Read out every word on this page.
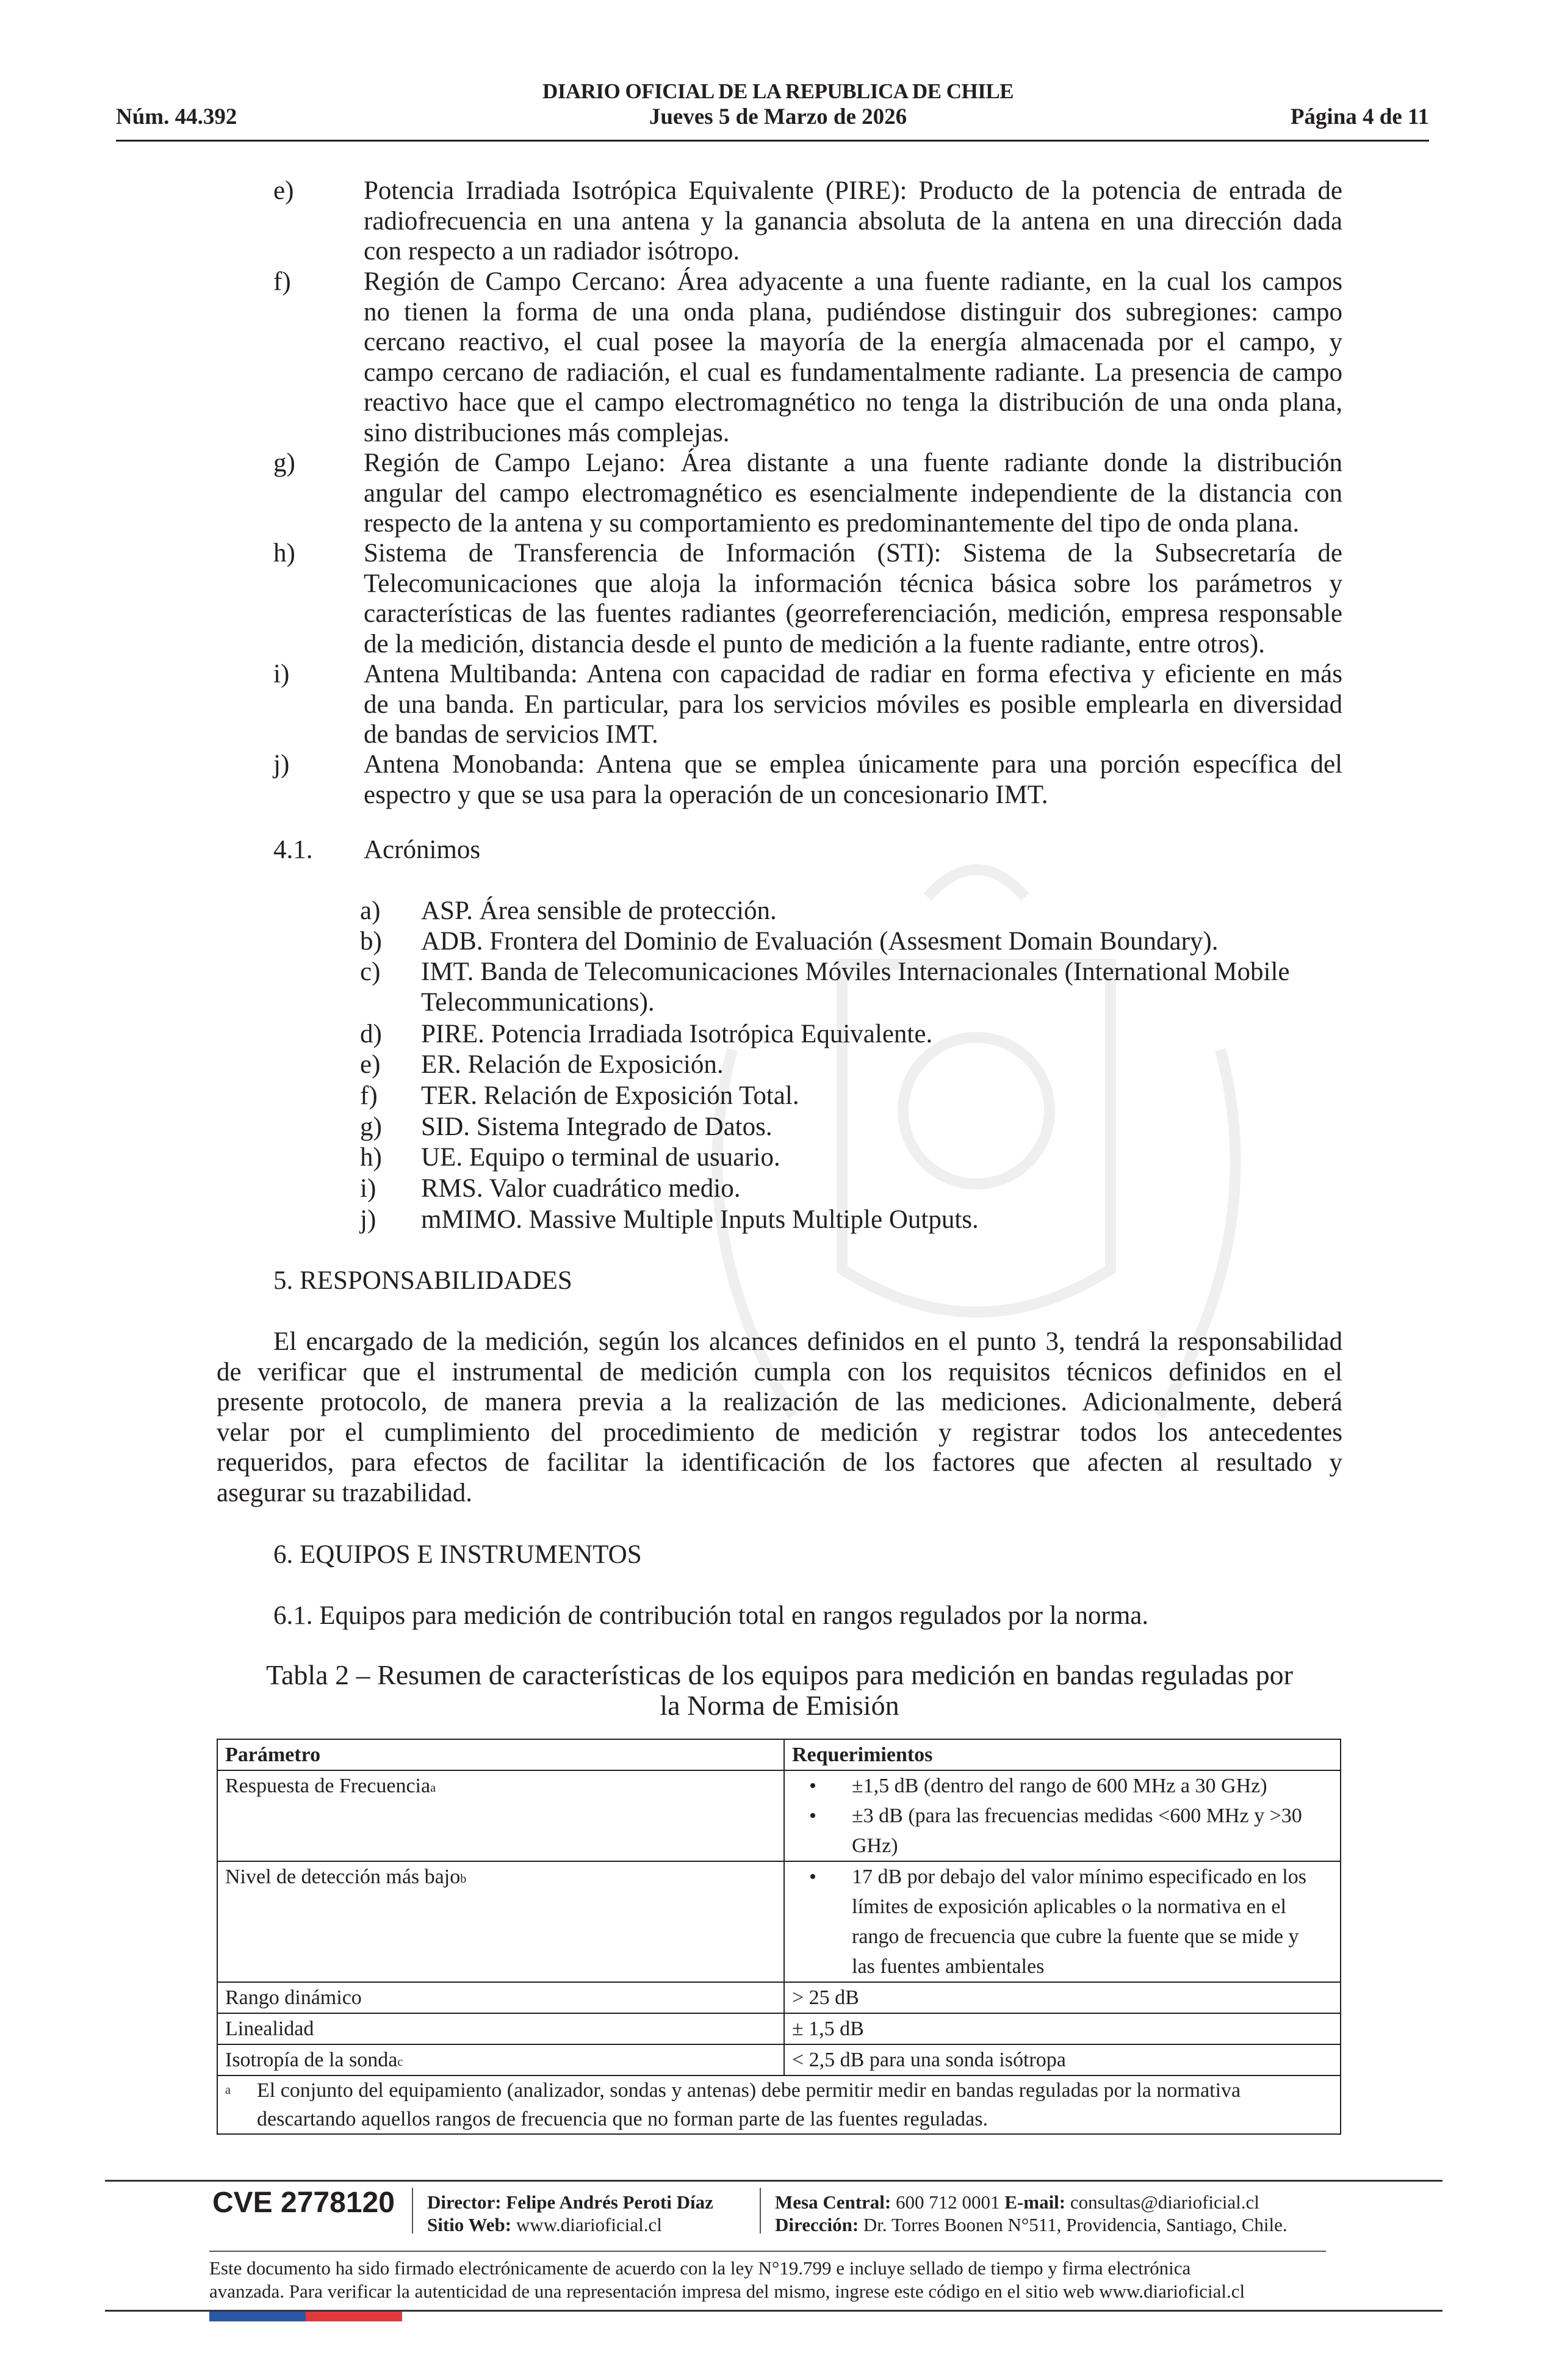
DIARIO OFICIAL DE LA REPUBLICA DE CHILE
Jueves 5 de Marzo de 2026
Núm. 44.392	Página 4 de 11
e)	Potencia Irradiada Isotrópica Equivalente (PIRE): Producto de la potencia de entrada de
radiofrecuencia en una antena y la ganancia absoluta de la antena en una dirección dada
con respecto a un radiador isótropo.
f)	Región de Campo Cercano: Área adyacente a una fuente radiante, en la cual los campos
no tienen la forma de una onda plana, pudiéndose distinguir dos subregiones: campo
cercano reactivo, el cual posee la mayoría de la energía almacenada por el campo, y
campo cercano de radiación, el cual es fundamentalmente radiante. La presencia de campo
reactivo hace que el campo electromagnético no tenga la distribución de una onda plana,
sino distribuciones más complejas.
g)	Región de Campo Lejano: Área distante a una fuente radiante donde la distribución
angular del campo electromagnético es esencialmente independiente de la distancia con
respecto de la antena y su comportamiento es predominantemente del tipo de onda plana.
h)	Sistema de Transferencia de Información (STI): Sistema de la Subsecretaría de
Telecomunicaciones que aloja la información técnica básica sobre los parámetros y
características de las fuentes radiantes (georreferenciación, medición, empresa responsable
de la medición, distancia desde el punto de medición a la fuente radiante, entre otros).
i)	Antena Multibanda: Antena con capacidad de radiar en forma efectiva y eficiente en más
de una banda. En particular, para los servicios móviles es posible emplearla en diversidad
de bandas de servicios IMT.
j)	Antena Monobanda: Antena que se emplea únicamente para una porción específica del
espectro y que se usa para la operación de un concesionario IMT.
4.1. Acrónimos
a) ASP. Área sensible de protección.
b) ADB. Frontera del Dominio de Evaluación (Assesment Domain Boundary).
c) IMT. Banda de Telecomunicaciones Móviles Internacionales (International Mobile
Telecommunications).
d) PIRE. Potencia Irradiada Isotrópica Equivalente.
e) ER. Relación de Exposición.
f) TER. Relación de Exposición Total.
g) SID. Sistema Integrado de Datos.
h) UE. Equipo o terminal de usuario.
i) RMS. Valor cuadrático medio.
j) mMIMO. Massive Multiple Inputs Multiple Outputs.
5. RESPONSABILIDADES
El encargado de la medición, según los alcances definidos en el punto 3, tendrá la responsabilidad
de verificar que el instrumental de medición cumpla con los requisitos técnicos definidos en el
presente protocolo, de manera previa a la realización de las mediciones. Adicionalmente, deberá
velar por el cumplimiento del procedimiento de medición y registrar todos los antecedentes
requeridos, para efectos de facilitar la identificación de los factores que afecten al resultado y
asegurar su trazabilidad.
6. EQUIPOS E INSTRUMENTOS
6.1. Equipos para medición de contribución total en rangos regulados por la norma.
Tabla 2 – Resumen de características de los equipos para medición en bandas reguladas por
la Norma de Emisión
Parámetro	Requerimientos
Respuesta de Frecuencia$^a$	• ±1,5 dB (dentro del rango de 600 MHz a 30 GHz)
• ±3 dB (para las frecuencias medidas <600 MHz y >30
GHz)

Nivel de detección más bajo$^b$	• 17 dB por debajo del valor mínimo especificado en los
límites de exposición aplicables o la normativa en el
rango de frecuencia que cubre la fuente que se mide y
las fuentes ambientales

Rango dinámico	> 25 dB
Linealidad	± 1,5 dB
Isotropía de la sonda$^c$	< 2,5 dB para una sonda isótropa
a El conjunto del equipamiento (analizador, sondas y antenas) debe permitir medir en bandas reguladas por la normativa
descartando aquellos rangos de frecuencia que no forman parte de las fuentes reguladas.	
CVE 2778120 Director: Felipe Andrés Peroti Díaz
Sitio Web: www.diarioficial.cl
Mesa Central: 600 712 0001 E-mail: consultas@diarioficial.cl
Dirección: Dr. Torres Boonen N°511, Providencia, Santiago, Chile.
Este documento ha sido firmado electrónicamente de acuerdo con la ley N°19.799 e incluye sellado de tiempo y firma electrónica
avanzada. Para verificar la autenticidad de una representación impresa del mismo, ingrese este código en el sitio web www.diarioficial.cl
